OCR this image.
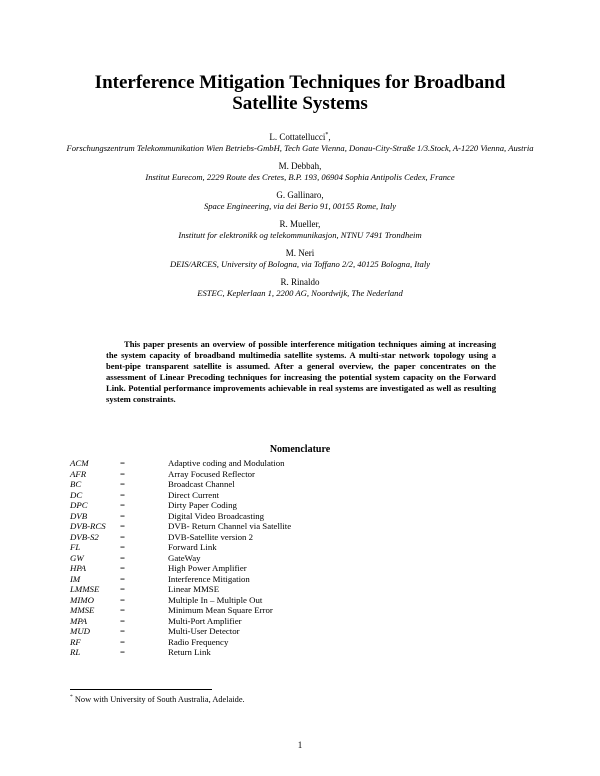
Interference Mitigation Techniques for Broadband Satellite Systems
L. Cottatellucci*,
Forschungszentrum Telekommunikation Wien Betriebs-GmbH, Tech Gate Vienna, Donau-City-Straße 1/3.Stock, A-1220 Vienna, Austria
M. Debbah,
Institut Eurecom, 2229 Route des Cretes, B.P. 193, 06904 Sophia Antipolis Cedex, France
G. Gallinaro,
Space Engineering, via dei Berio 91, 00155 Rome, Italy
R. Mueller,
Institutt for elektronikk og telekommunikasjon, NTNU 7491 Trondheim
M. Neri
DEIS/ARCES, University of Bologna, via Toffano 2/2, 40125 Bologna, Italy
R. Rinaldo
ESTEC, Keplerlaan 1, 2200 AG, Noordwijk, The Nederland
This paper presents an overview of possible interference mitigation techniques aiming at increasing the system capacity of broadband multimedia satellite systems. A multi-star network topology using a bent-pipe transparent satellite is assumed. After a general overview, the paper concentrates on the assessment of Linear Precoding techniques for increasing the potential system capacity on the Forward Link. Potential performance improvements achievable in real systems are investigated as well as resulting system constraints.
Nomenclature
ACM	=	Adaptive coding and Modulation
AFR	=	Array Focused Reflector
BC	=	Broadcast Channel
DC	=	Direct Current
DPC	=	Dirty Paper Coding
DVB	=	Digital Video Broadcasting
DVB-RCS	=	DVB- Return Channel via Satellite
DVB-S2	=	DVB-Satellite version 2
FL	=	Forward Link
GW	=	GateWay
HPA	=	High Power Amplifier
IM	=	Interference Mitigation
LMMSE	=	Linear MMSE
MIMO	=	Multiple In – Multiple Out
MMSE	=	Minimum Mean Square Error
MPA	=	Multi-Port Amplifier
MUD	=	Multi-User Detector
RF	=	Radio Frequency
RL	=	Return Link
* Now with University of South Australia, Adelaide.
1
